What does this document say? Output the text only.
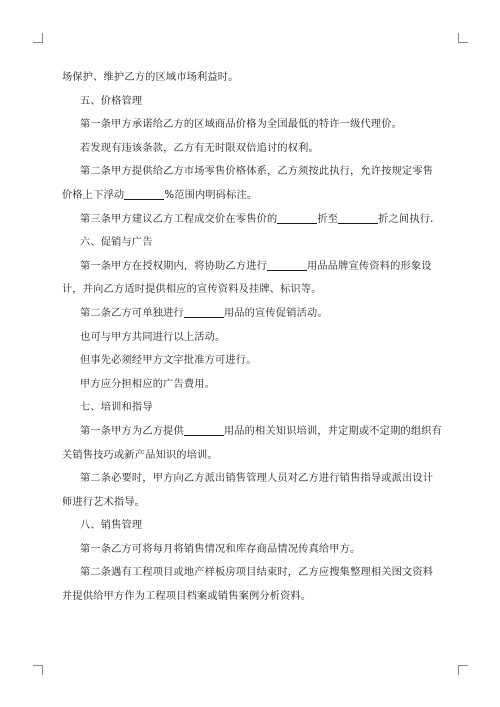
场保护、维护乙方的区域市场利益时。

五、价格管理

第一条甲方承诺给乙方的区域商品价格为全国最低的特许一级代理价。

若发现有违该条款，乙方有无时限双倍追讨的权利。

第二条甲方提供给乙方市场零售价格体系，乙方须按此执行，允许按规定零售价格上下浮动	%范围内明码标注。

第三条甲方建议乙方工程成交价在零售价的	折至	折之间执行.

六、促销与广告

第一条甲方在授权期内，将协助乙方进行	用品品牌宣传资料的形象设计，并向乙方适时提供相应的宣传资料及挂牌、标识等。

第二条乙方可单独进行	用品的宣传促销活动。

也可与甲方共同进行以上活动。

但事先必须经甲方文字批准方可进行。

甲方应分担相应的广告费用。

七、培训和指导

第一条甲方为乙方提供	用品的相关知识培训，并定期或不定期的组织有关销售技巧或新产品知识的培训。

第二条必要时，甲方向乙方派出销售管理人员对乙方进行销售指导或派出设计师进行艺术指导。

八、销售管理

第一条乙方可将每月将销售情况和库存商品情况传真给甲方。

第二条遇有工程项目或地产样板房项目结束时，乙方应搜集整理相关图文资料并提供给甲方作为工程项目档案或销售案例分析资料。
